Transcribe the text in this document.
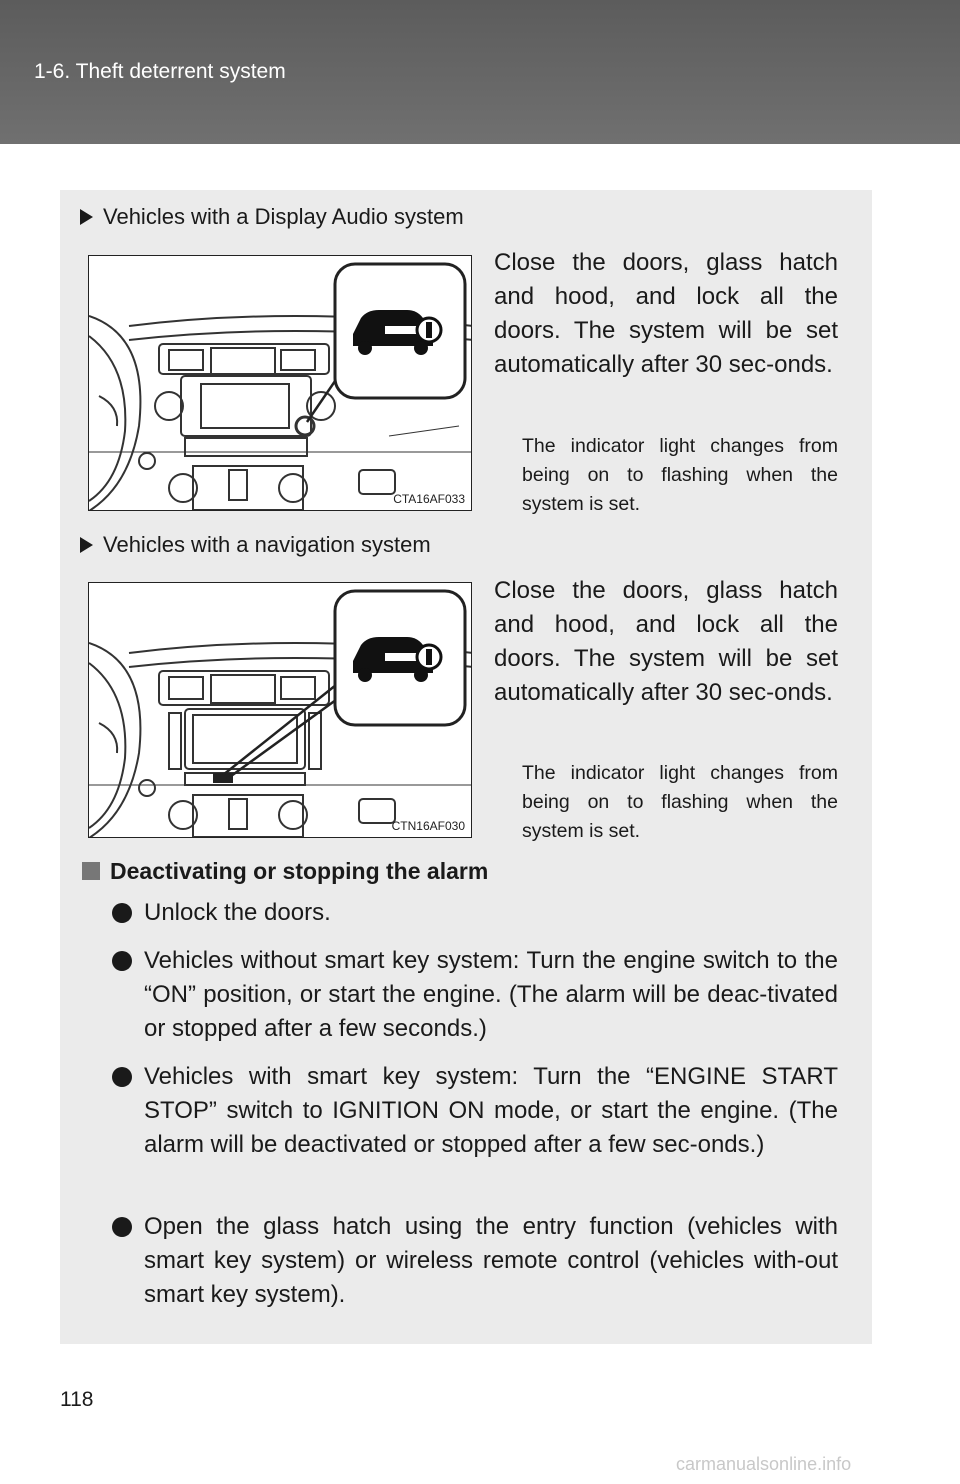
1-6. Theft deterrent system
Vehicles with a Display Audio system
CTA16AF033
Close the doors, glass hatch and hood, and lock all the doors. The system will be set automatically after 30 sec-onds.
The indicator light changes from being on to flashing when the system is set.
Vehicles with a navigation system
CTN16AF030
Close the doors, glass hatch and hood, and lock all the doors. The system will be set automatically after 30 sec-onds.
The indicator light changes from being on to flashing when the system is set.
Deactivating or stopping the alarm
Unlock the doors.
Vehicles without smart key system: Turn the engine switch to the “ON” position, or start the engine. (The alarm will be deac-tivated or stopped after a few seconds.)
Vehicles with smart key system: Turn the “ENGINE START STOP” switch to IGNITION ON mode, or start the engine. (The alarm will be deactivated or stopped after a few sec-onds.)
Open the glass hatch using the entry function (vehicles with smart key system) or wireless remote control (vehicles with-out smart key system).
118
carmanualsonline.info
